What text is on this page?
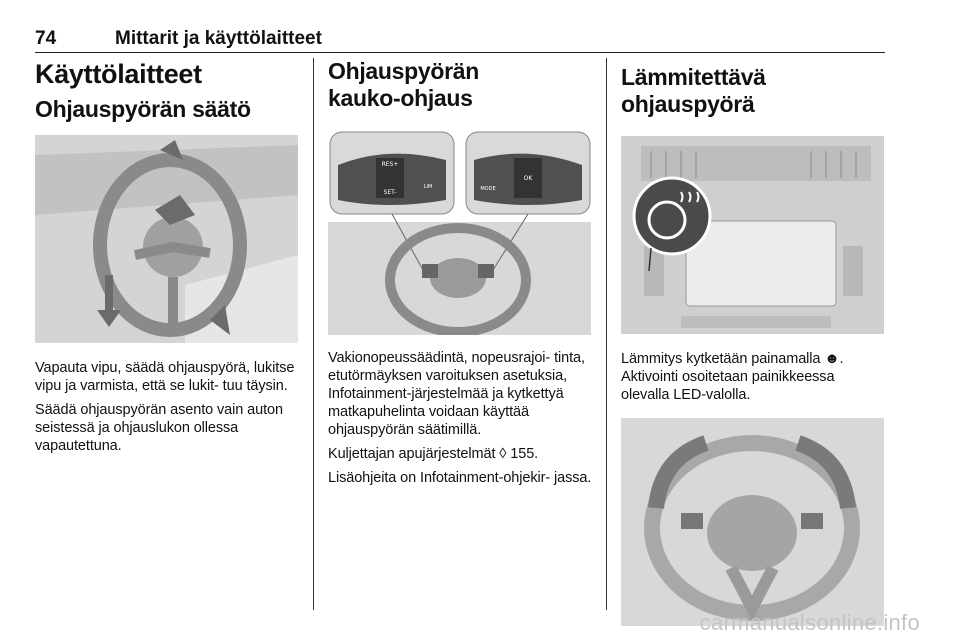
74	Mittarit ja käyttölaitteet
Käyttölaitteet
Ohjauspyörän säätö

Vapauta vipu, säädä ohjauspyörä, lukitse vipu ja varmista, että se lukit- tuu täysin.

Säädä ohjauspyörän asento vain auton seistessä ja ohjauslukon ollessa vapautettuna.

Ohjauspyörän
kauko-ohjaus
RES+
SET-
LIM
OK
MODE

Vakionopeussäädintä, nopeusrajoi- tinta, etutörmäyksen varoituksen asetuksia, Infotainment-järjestelmää ja kytkettyä matkapuhelinta voidaan käyttää ohjauspyörän säätimillä.

Kuljettajan apujärjestelmät ◊ 155.

Lisäohjeita on Infotainment-ohjekir- jassa.

Lämmitettävä ohjauspyörä

Lämmitys kytketään painamalla ☻.

Aktivointi osoitetaan painikkeessa olevalla LED-valolla.

carmanualsonline.info
